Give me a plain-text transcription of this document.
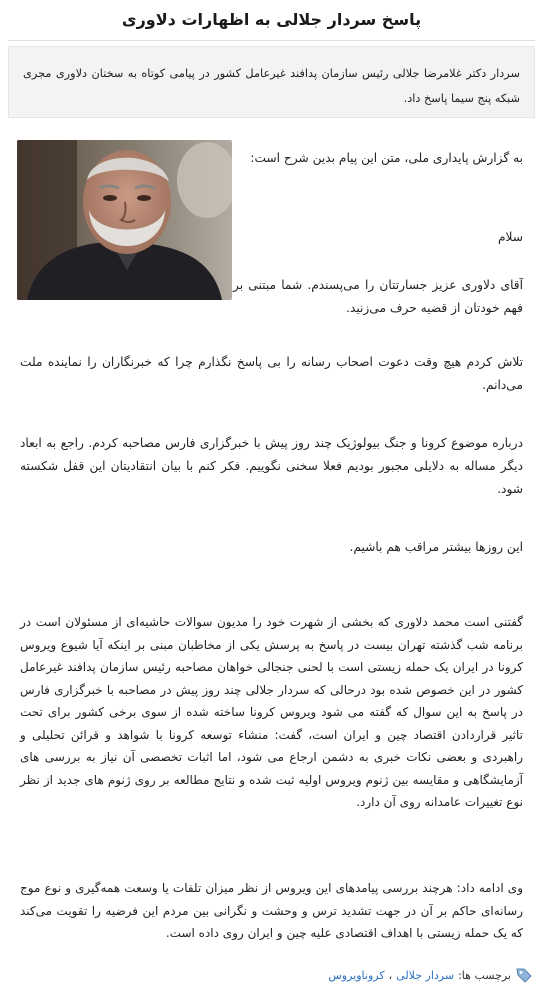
پاسخ سردار جلالی به اظهارات دلاوری
سردار دکتر غلامرضا جلالی رئیس سازمان پدافند غیرعامل کشور در پیامی کوتاه به سخنان دلاوری مجری شبکه پنج سیما پاسخ داد.

به گزارش پایداری ملی، متن این پیام بدین شرح است:

سلام

آقای دلاوری عزیز جسارتتان را می‌پسندم. شما مبتنی بر فهم خودتان از قضیه حرف می‌زنید.

تلاش کردم هیچ وقت دعوت اصحاب رسانه را بی پاسخ نگذارم چرا که خبرنگاران را نماینده ملت می‌دانم.

درباره موضوع کرونا و جنگ بیولوژیک چند روز پیش با خبرگزاری فارس مصاحبه کردم. راجع به ابعاد دیگر مساله به دلایلی مجبور بودیم فعلا سخنی نگوییم. فکر کنم با بیان انتقادیتان این قفل شکسته شود.

این روزها بیشتر مراقب هم باشیم.

گفتنی است محمد دلاوری که بخشی از شهرت خود را مدیون سوالات حاشیه‌ای از مسئولان است در برنامه شب گذشته تهران بیست در پاسخ به پرسش یکی از مخاطبان مبنی بر اینکه آیا شیوع ویروس کرونا در ایران یک حمله زیستی است با لحنی جنجالی خواهان مصاحبه رئیس سازمان پدافند غیرعامل کشور در این خصوص شده بود درحالی که سردار جلالی چند روز پیش در مصاحبه با خبرگزاری فارس در پاسخ به این سوال که گفته می شود ویروس کرونا ساخته شده از سوی برخی کشور برای تحت تاثیر قراردادن اقتصاد چین و ایران است، گفت: منشاء توسعه کرونا با شواهد و قرائن تحلیلی و راهبردی و بعضی نکات خبری به دشمن ارجاع می شود، اما اثبات تخصصی آن نیاز به بررسی های آزمایشگاهی و مقایسه بین ژنوم ویروس اولیه ثبت شده و نتایج مطالعه بر روی ژنوم های جدید از نظر نوع تغییرات عامدانه روی آن دارد.

وی ادامه داد: هرچند بررسی پیامدهای این ویروس از نظر میزان تلفات یا وسعت همه‌گیری و نوع موج رسانه‌ای حاکم بر آن در جهت تشدید ترس و وحشت و نگرانی بین مردم این فرضیه را تقویت می‌کند که یک حمله زیستی با اهداف اقتصادی علیه چین و ایران روی داده است.

برچسب ها:
سردار جلالی
،
کروناویروس
